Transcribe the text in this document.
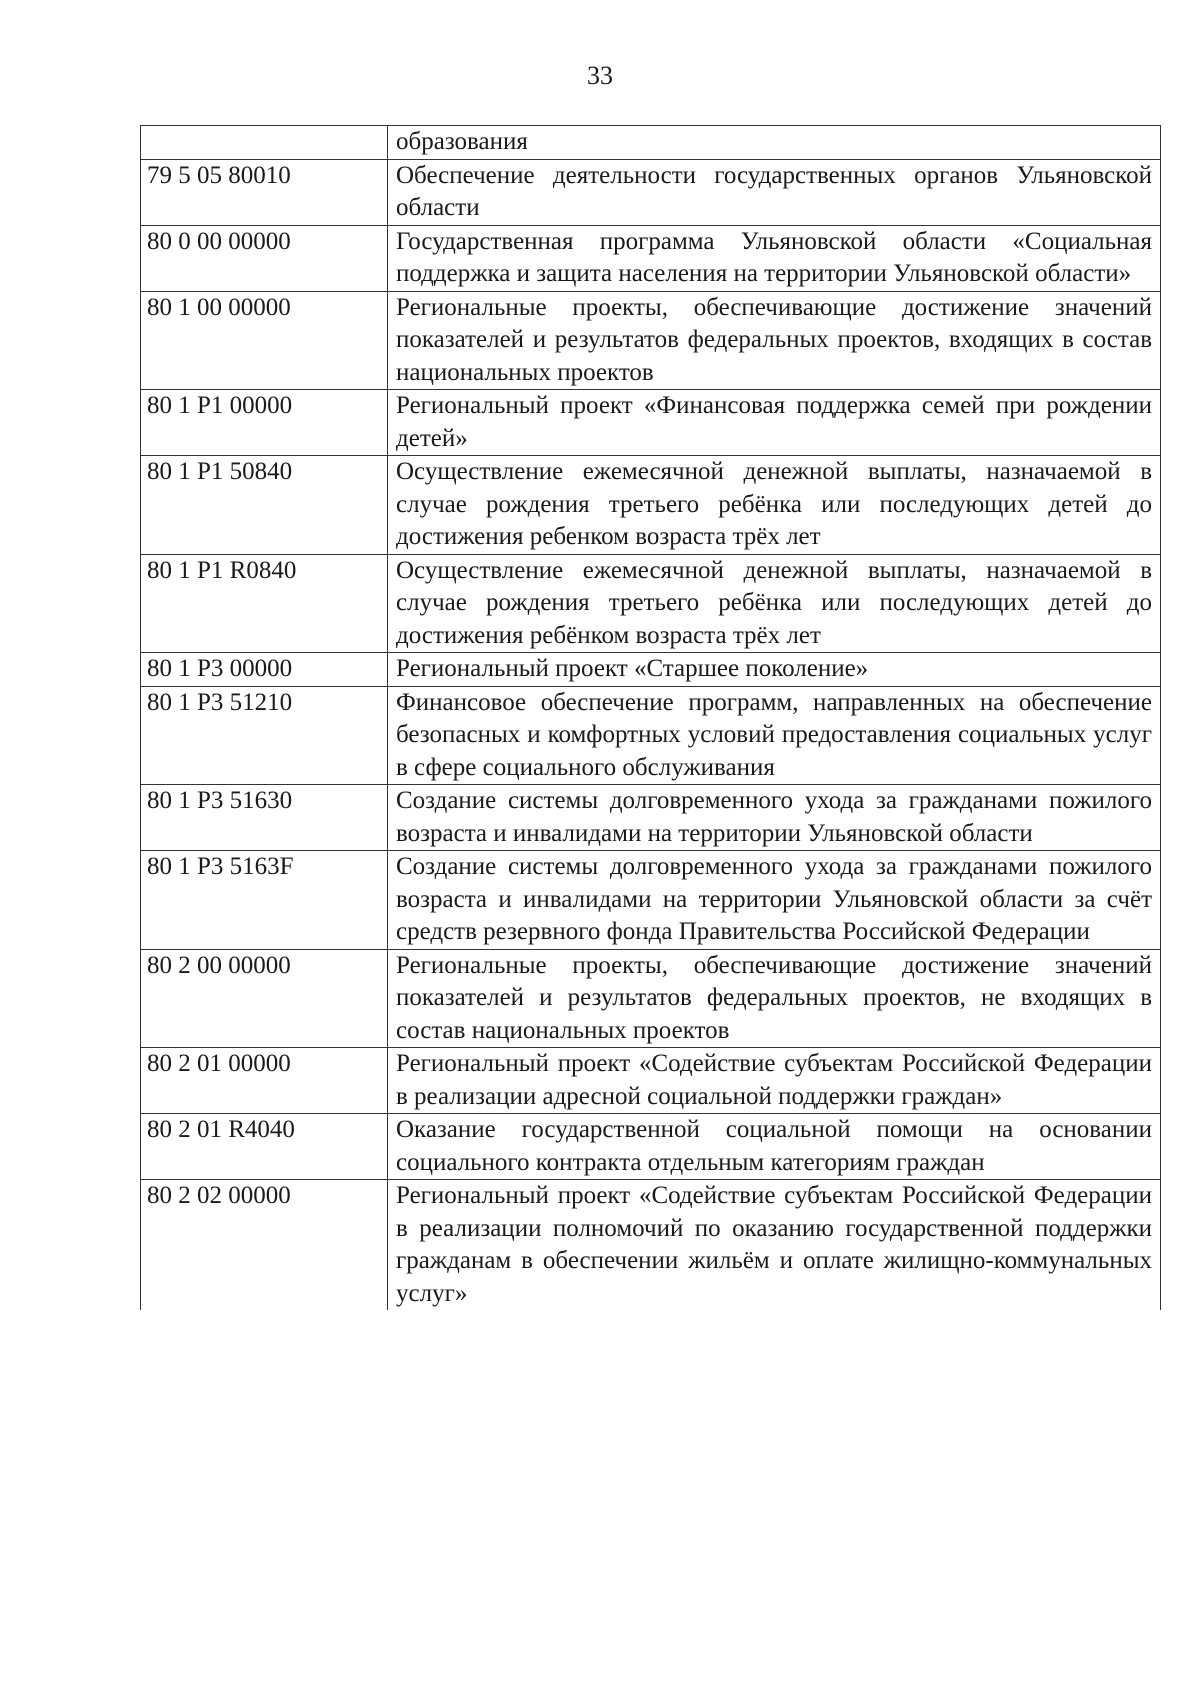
33
	образования
79 5 05 80010	Обеспечение деятельности государственных органов Ульяновской области
80 0 00 00000	Государственная программа Ульяновской области «Социальная поддержка и защита населения на территории Ульяновской области»
80 1 00 00000	Региональные проекты, обеспечивающие достижение значений показателей и результатов федеральных проектов, входящих в состав национальных проектов
80 1 P1 00000	Региональный проект «Финансовая поддержка семей при рождении детей»
80 1 P1 50840	Осуществление ежемесячной денежной выплаты, назначаемой в случае рождения третьего ребёнка или последующих детей до достижения ребенком возраста трёх лет
80 1 P1 R0840	Осуществление ежемесячной денежной выплаты, назначаемой в случае рождения третьего ребёнка или последующих детей до достижения ребёнком возраста трёх лет
80 1 P3 00000	Региональный проект «Старшее поколение»
80 1 P3 51210	Финансовое обеспечение программ, направленных на обеспечение безопасных и комфортных условий предоставления социальных услуг в сфере социального обслуживания
80 1 P3 51630	Создание системы долговременного ухода за гражданами пожилого возраста и инвалидами на территории Ульяновской области
80 1 P3 5163F	Создание системы долговременного ухода за гражданами пожилого возраста и инвалидами на территории Ульяновской области за счёт средств резервного фонда Правительства Российской Федерации
80 2 00 00000	Региональные проекты, обеспечивающие достижение значений показателей и результатов федеральных проектов, не входящих в состав национальных проектов
80 2 01 00000	Региональный проект «Содействие субъектам Российской Федерации в реализации адресной социальной поддержки граждан»
80 2 01 R4040	Оказание государственной социальной помощи на основании социального контракта отдельным категориям граждан
80 2 02 00000	Региональный проект «Содействие субъектам Российской Федерации в реализации полномочий по оказанию государственной поддержки гражданам в обеспечении жильём и оплате жилищно-коммунальных услуг»
